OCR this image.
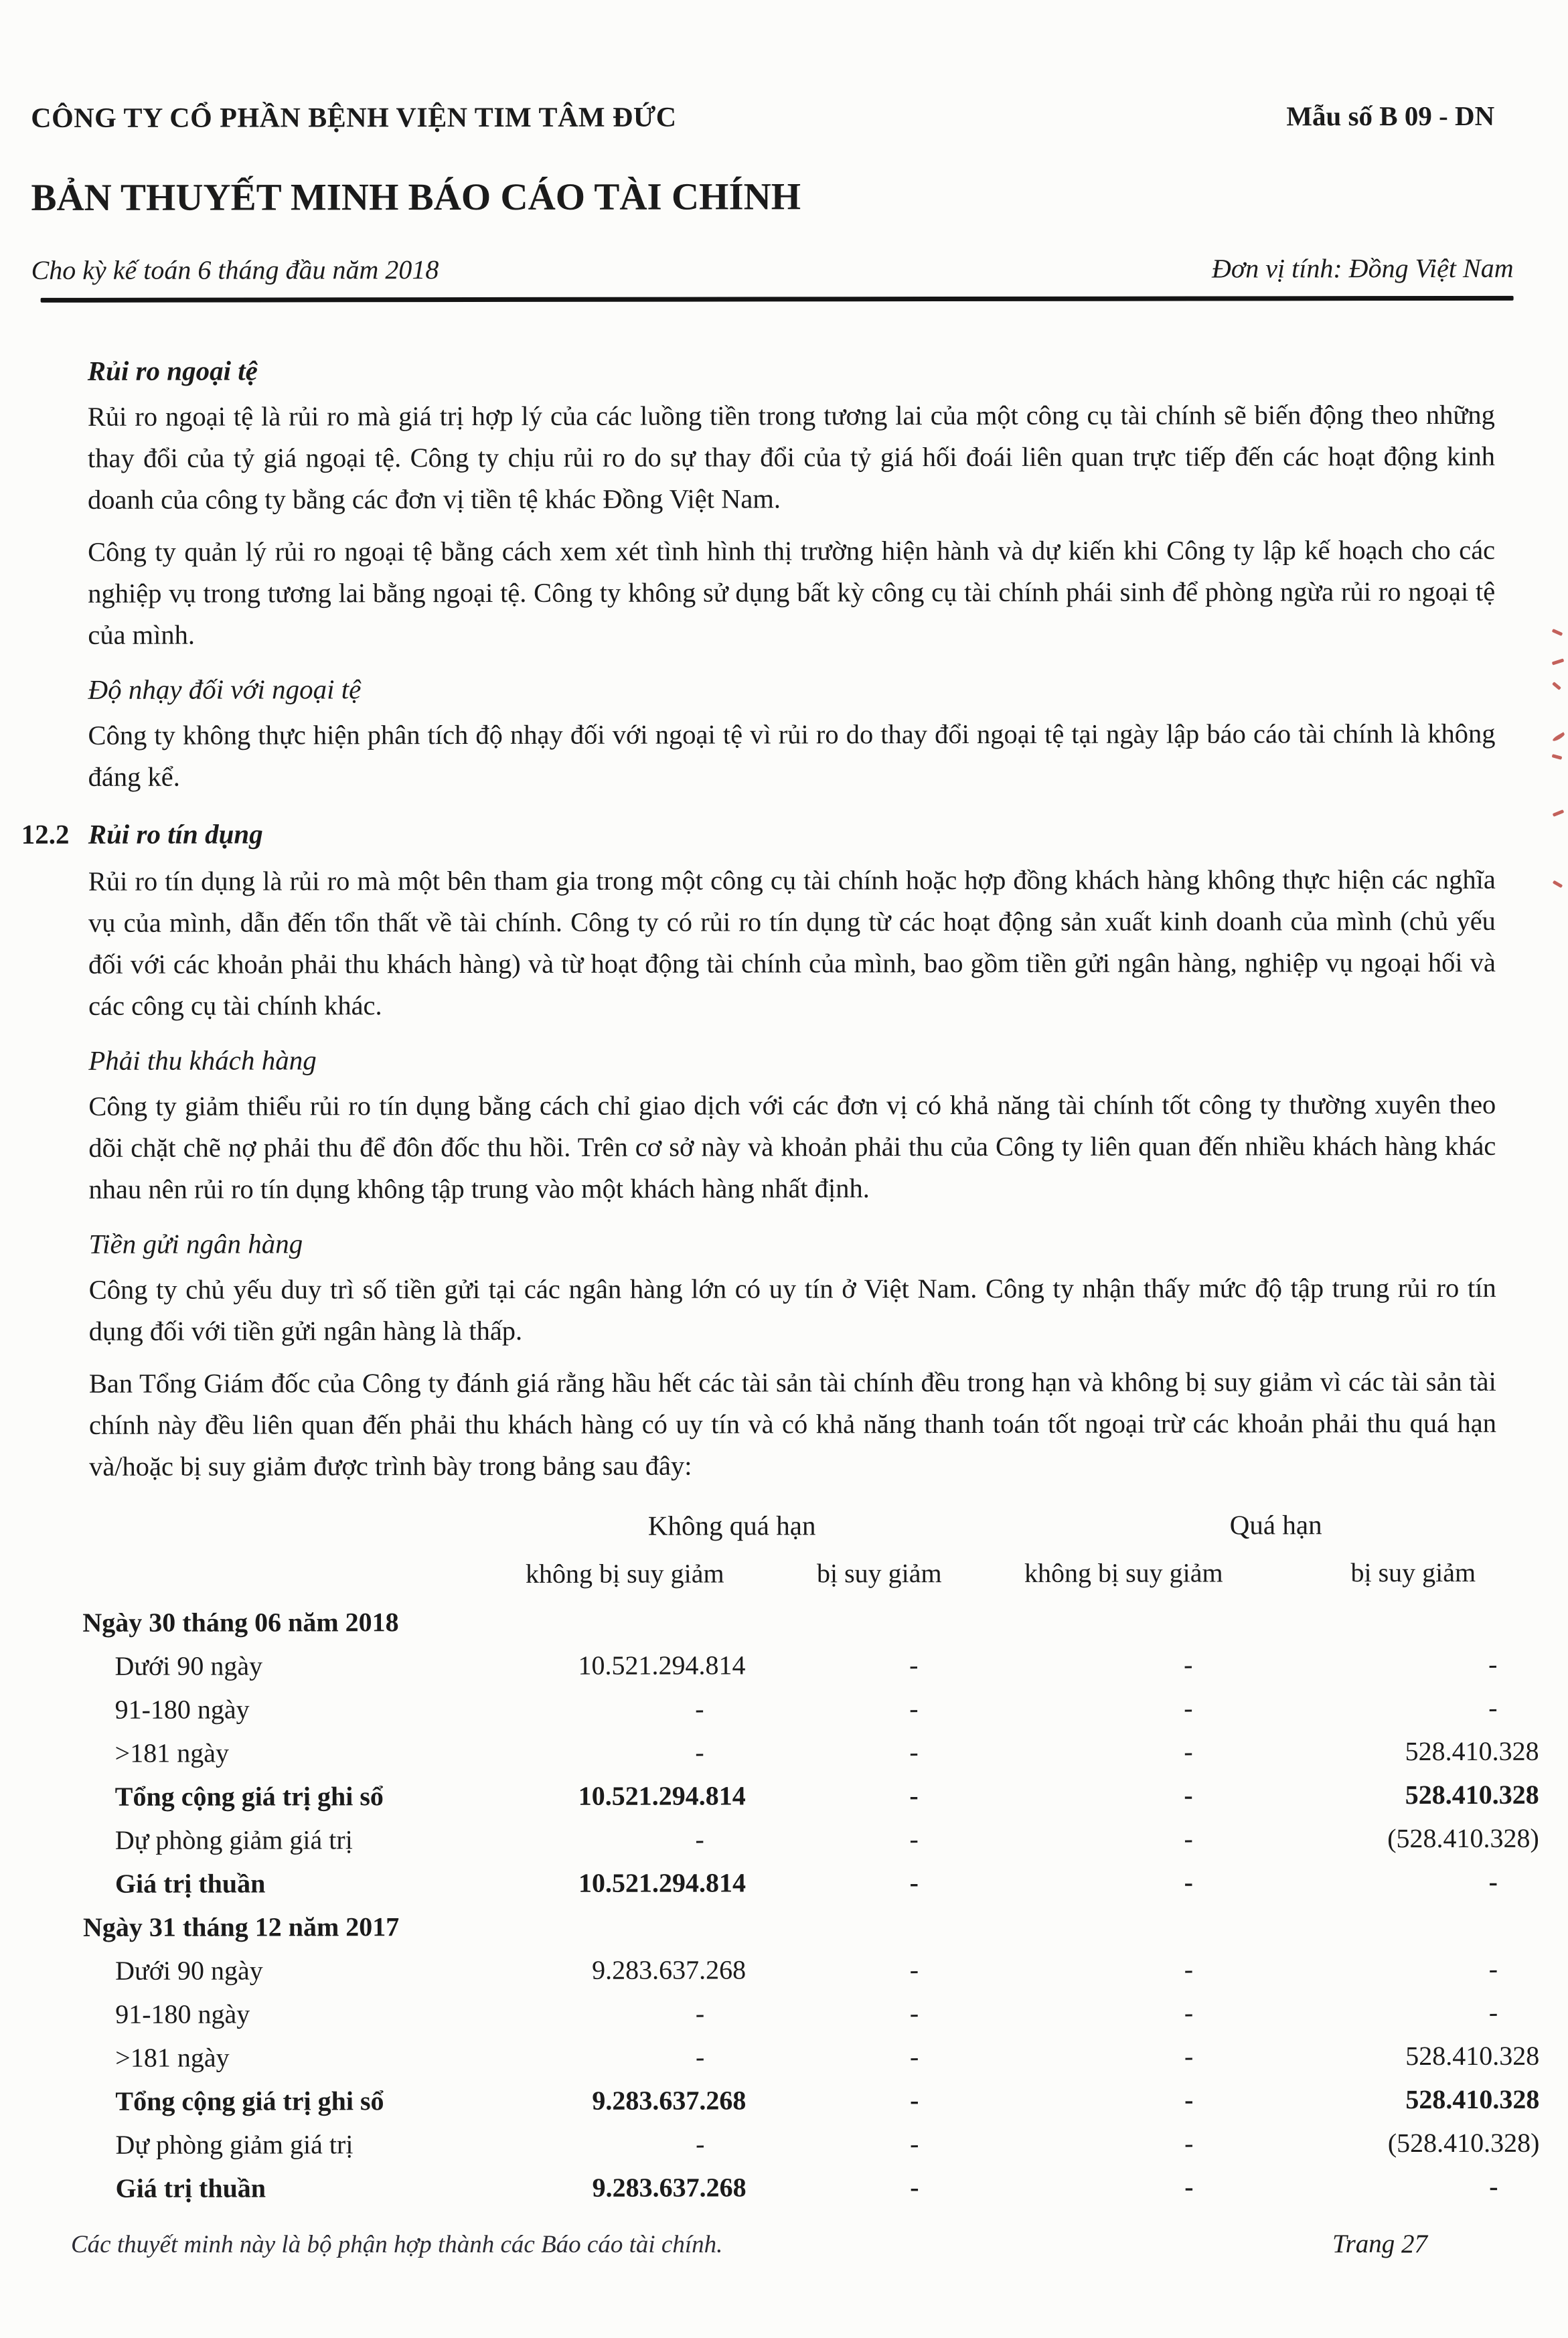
CÔNG TY CỔ PHẦN BỆNH VIỆN TIM TÂM ĐỨC	Mẫu số B 09 - DN
BẢN THUYẾT MINH BÁO CÁO TÀI CHÍNH
Cho kỳ kế toán 6 tháng đầu năm 2018	Đơn vị tính: Đồng Việt Nam
Rủi ro ngoại tệ

Rủi ro ngoại tệ là rủi ro mà giá trị hợp lý của các luồng tiền trong tương lai của một công cụ tài chính sẽ biến động theo những thay đổi của tỷ giá ngoại tệ. Công ty chịu rủi ro do sự thay đổi của tỷ giá hối đoái liên quan trực tiếp đến các hoạt động kinh doanh của công ty bằng các đơn vị tiền tệ khác Đồng Việt Nam.

Công ty quản lý rủi ro ngoại tệ bằng cách xem xét tình hình thị trường hiện hành và dự kiến khi Công ty lập kế hoạch cho các nghiệp vụ trong tương lai bằng ngoại tệ. Công ty không sử dụng bất kỳ công cụ tài chính phái sinh để phòng ngừa rủi ro ngoại tệ của mình.

Độ nhạy đối với ngoại tệ

Công ty không thực hiện phân tích độ nhạy đối với ngoại tệ vì rủi ro do thay đổi ngoại tệ tại ngày lập báo cáo tài chính là không đáng kể.

12.2 Rủi ro tín dụng

Rủi ro tín dụng là rủi ro mà một bên tham gia trong một công cụ tài chính hoặc hợp đồng khách hàng không thực hiện các nghĩa vụ của mình, dẫn đến tổn thất về tài chính. Công ty có rủi ro tín dụng từ các hoạt động sản xuất kinh doanh của mình (chủ yếu đối với các khoản phải thu khách hàng) và từ hoạt động tài chính của mình, bao gồm tiền gửi ngân hàng, nghiệp vụ ngoại hối và các công cụ tài chính khác.

Phải thu khách hàng

Công ty giảm thiểu rủi ro tín dụng bằng cách chỉ giao dịch với các đơn vị có khả năng tài chính tốt công ty thường xuyên theo dõi chặt chẽ nợ phải thu để đôn đốc thu hồi. Trên cơ sở này và khoản phải thu của Công ty liên quan đến nhiều khách hàng khác nhau nên rủi ro tín dụng không tập trung vào một khách hàng nhất định.

Tiền gửi ngân hàng

Công ty chủ yếu duy trì số tiền gửi tại các ngân hàng lớn có uy tín ở Việt Nam. Công ty nhận thấy mức độ tập trung rủi ro tín dụng đối với tiền gửi ngân hàng là thấp.

Ban Tổng Giám đốc của Công ty đánh giá rằng hầu hết các tài sản tài chính đều trong hạn và không bị suy giảm vì các tài sản tài chính này đều liên quan đến phải thu khách hàng có uy tín và có khả năng thanh toán tốt ngoại trừ các khoản phải thu quá hạn và/hoặc bị suy giảm được trình bày trong bảng sau đây:

Không quá hạn	Quá hạn
không bị suy giảm	bị suy giảm	không bị suy giảm	bị suy giảm
Ngày 30 tháng 06 năm 2018
Dưới 90 ngày	10.521.294.814	-	-	-
91-180 ngày	-	-	-	-
>181 ngày	-	-	-	528.410.328
Tổng cộng giá trị ghi sổ	10.521.294.814	-	-	528.410.328
Dự phòng giảm giá trị	-	-	-	(528.410.328)
Giá trị thuần	10.521.294.814	-	-	-
Ngày 31 tháng 12 năm 2017
Dưới 90 ngày	9.283.637.268	-	-	-
91-180 ngày	-	-	-	-
>181 ngày	-	-	-	528.410.328
Tổng cộng giá trị ghi sổ	9.283.637.268	-	-	528.410.328
Dự phòng giảm giá trị	-	-	-	(528.410.328)
Giá trị thuần	9.283.637.268	-	-	-
Các thuyết minh này là bộ phận hợp thành các Báo cáo tài chính.	Trang 27
